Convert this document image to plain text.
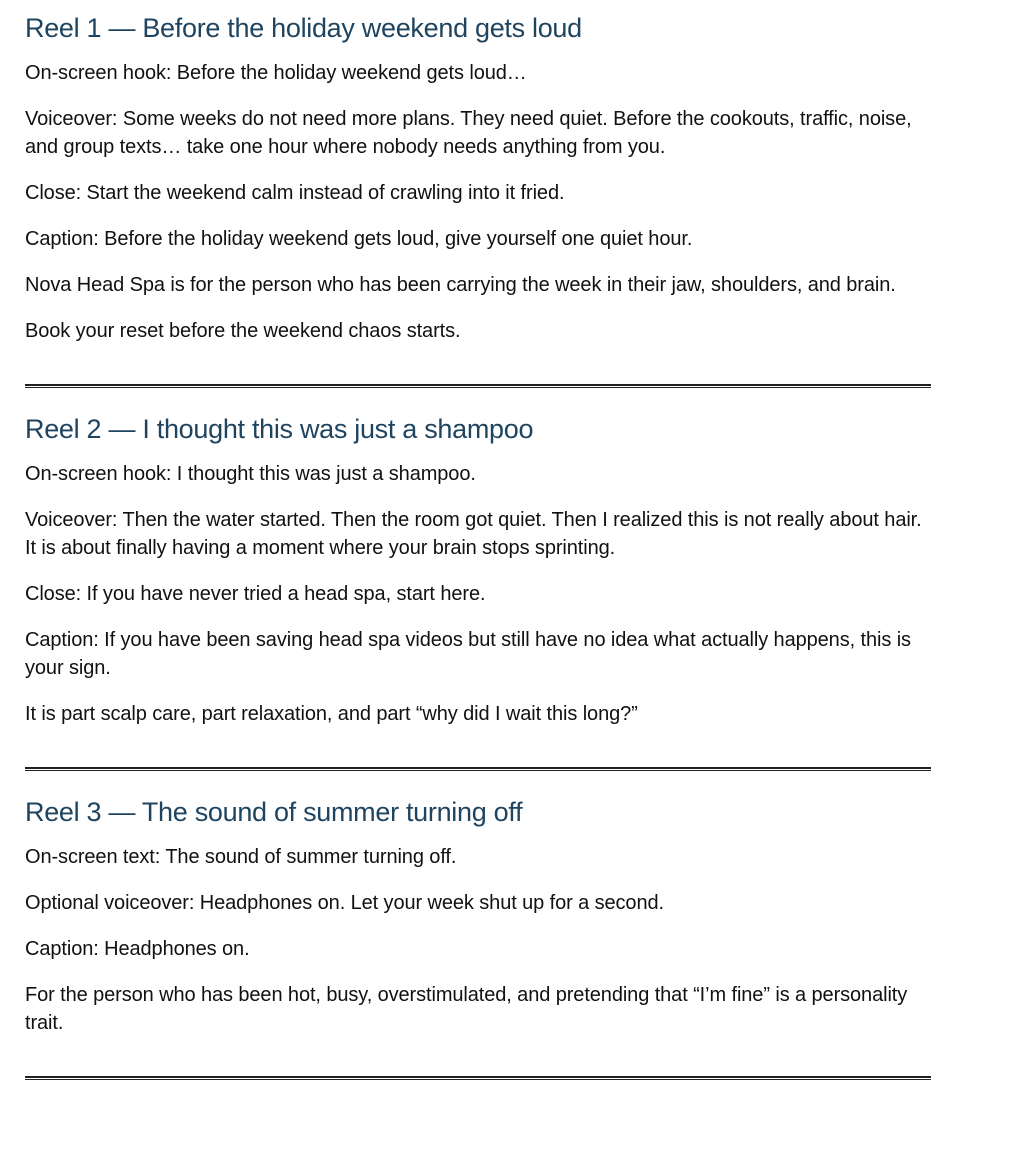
Reel 1 — Before the holiday weekend gets loud

On-screen hook: Before the holiday weekend gets loud…

Voiceover: Some weeks do not need more plans. They need quiet. Before the cookouts, traffic, noise, and group texts… take one hour where nobody needs anything from you.

Close: Start the weekend calm instead of crawling into it fried.

Caption: Before the holiday weekend gets loud, give yourself one quiet hour.

Nova Head Spa is for the person who has been carrying the week in their jaw, shoulders, and brain.

Book your reset before the weekend chaos starts.

Reel 2 — I thought this was just a shampoo

On-screen hook: I thought this was just a shampoo.

Voiceover: Then the water started. Then the room got quiet. Then I realized this is not really about hair. It is about finally having a moment where your brain stops sprinting.

Close: If you have never tried a head spa, start here.

Caption: If you have been saving head spa videos but still have no idea what actually happens, this is your sign.

It is part scalp care, part relaxation, and part “why did I wait this long?”

Reel 3 — The sound of summer turning off

On-screen text: The sound of summer turning off.

Optional voiceover: Headphones on. Let your week shut up for a second.

Caption: Headphones on.

For the person who has been hot, busy, overstimulated, and pretending that “I’m fine” is a personality trait.
